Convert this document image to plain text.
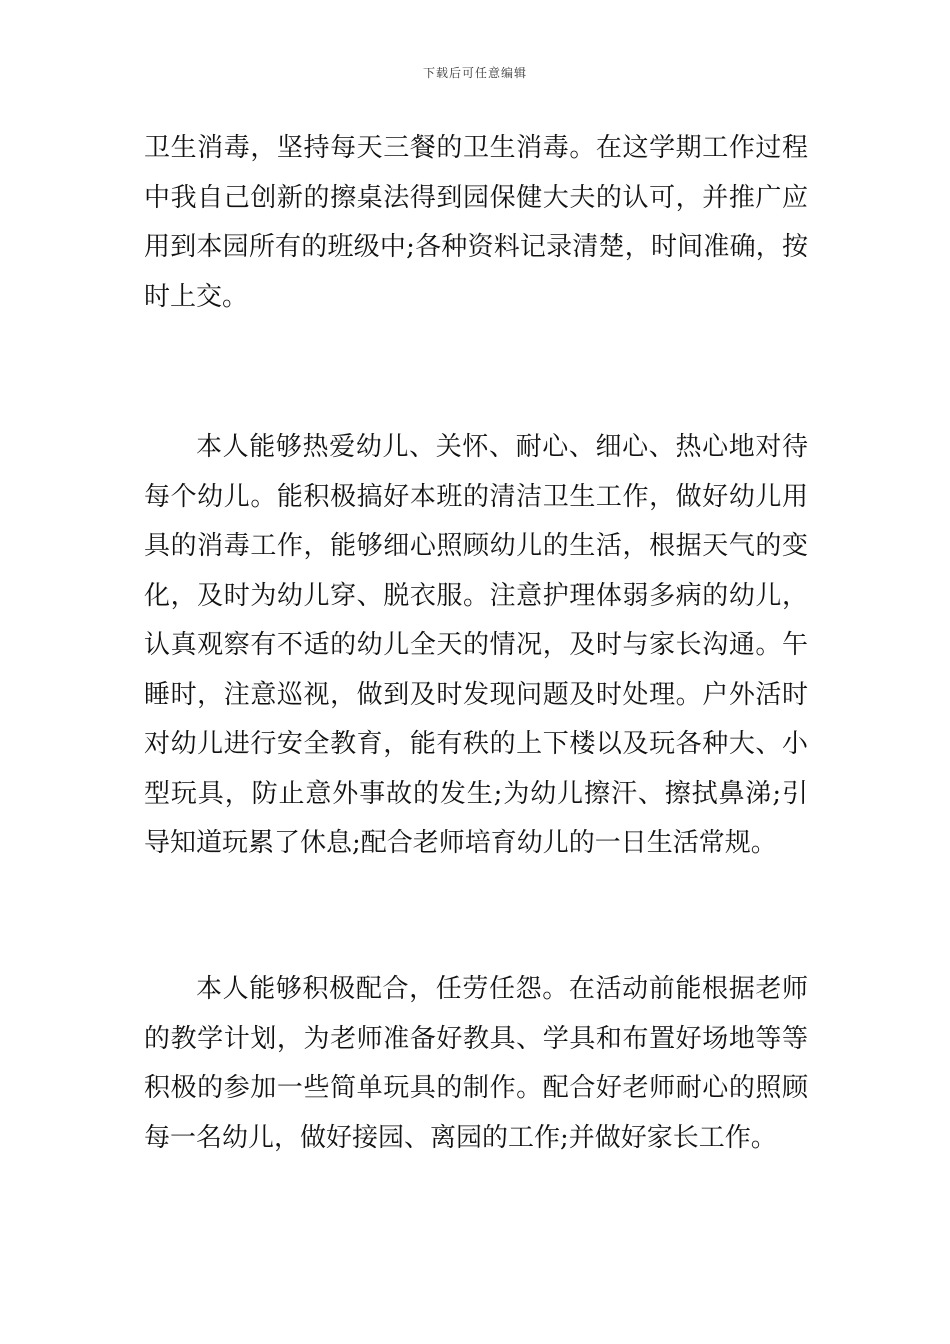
下载后可任意编辑

卫生消毒，坚持每天三餐的卫生消毒。在这学期工作过程中我自己创新的擦桌法得到园保健大夫的认可，并推广应用到本园所有的班级中;各种资料记录清楚，时间准确，按时上交。

本人能够热爱幼儿、关怀、耐心、细心、热心地对待每个幼儿。能积极搞好本班的清洁卫生工作，做好幼儿用具的消毒工作，能够细心照顾幼儿的生活，根据天气的变化，及时为幼儿穿、脱衣服。注意护理体弱多病的幼儿，认真观察有不适的幼儿全天的情况，及时与家长沟通。午睡时，注意巡视，做到及时发现问题及时处理。户外活时对幼儿进行安全教育，能有秩的上下楼以及玩各种大、小型玩具，防止意外事故的发生;为幼儿擦汗、擦拭鼻涕;引导知道玩累了休息;配合老师培育幼儿的一日生活常规。

本人能够积极配合，任劳任怨。在活动前能根据老师的教学计划，为老师准备好教具、学具和布置好场地等等积极的参加一些简单玩具的制作。配合好老师耐心的照顾每一名幼儿，做好接园、离园的工作;并做好家长工作。
